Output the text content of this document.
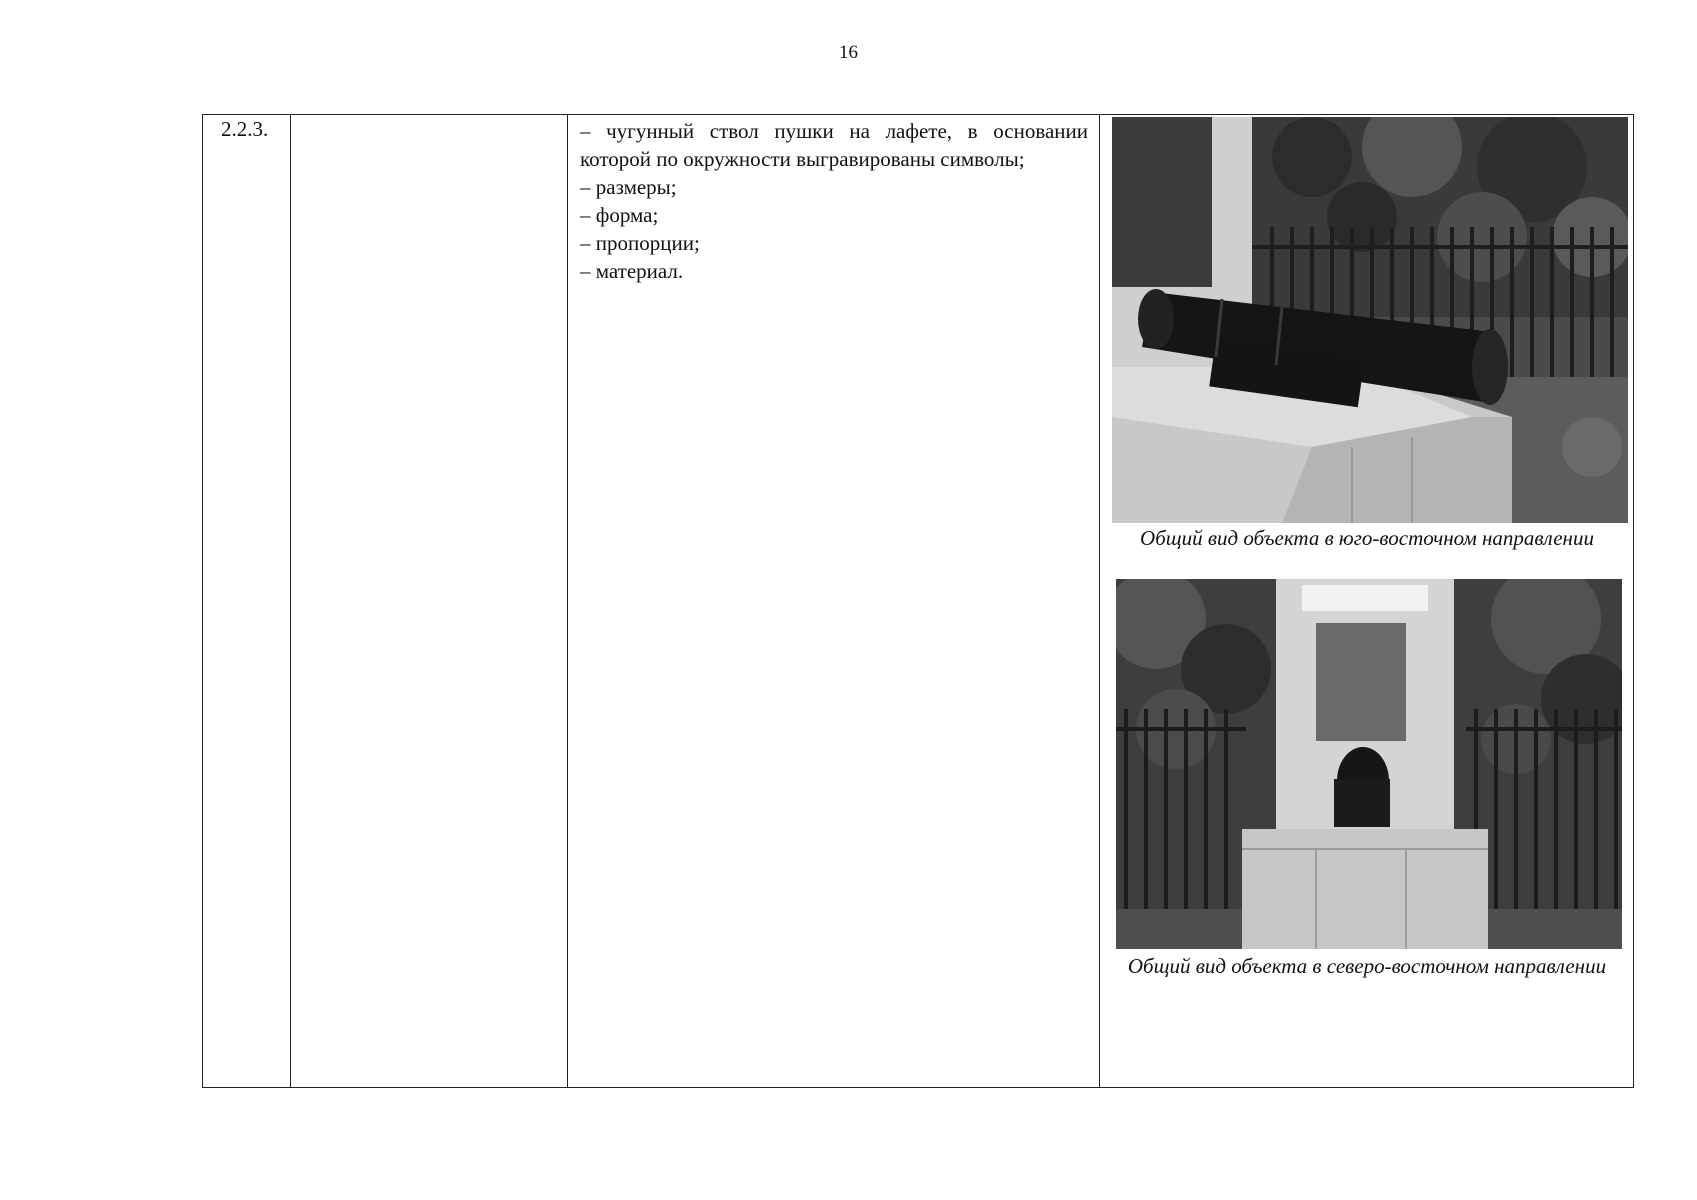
16
2.2.3.	– чугунный ствол пушки на лафете, в основании которой по окружности выгравированы символы;
– размеры;
– форма;
– пропорции;
– материал.
Общий вид объекта в юго-восточном направлении
Общий вид объекта в северо-восточном направлении
